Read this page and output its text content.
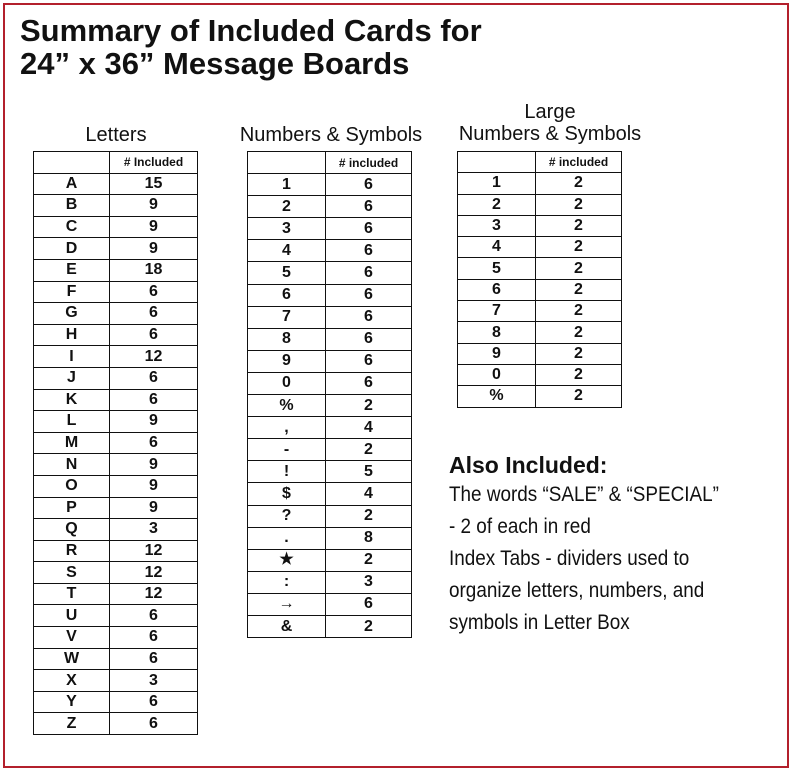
Summary of Included Cards for
24” x 36” Message Boards
Letters
	# Included
A	15
B	9
C	9
D	9
E	18
F	6
G	6
H	6
I	12
J	6
K	6
L	9
M	6
N	9
O	9
P	9
Q	3
R	12
S	12
T	12
U	6
V	6
W	6
X	3
Y	6
Z	6
Numbers & Symbols
	# included
1	6
2	6
3	6
4	6
5	6
6	6
7	6
8	6
9	6
0	6
%	2
,	4
-	2
!	5
$	4
?	2
.	8
★	2
:	3
→	6
&	2
Large
Numbers & Symbols
	# included
1	2
2	2
3	2
4	2
5	2
6	2
7	2
8	2
9	2
0	2
%	2
Also Included:
The words “SALE” & “SPECIAL”
- 2 of each in red
Index Tabs - dividers used to
organize letters, numbers, and
symbols in Letter Box
